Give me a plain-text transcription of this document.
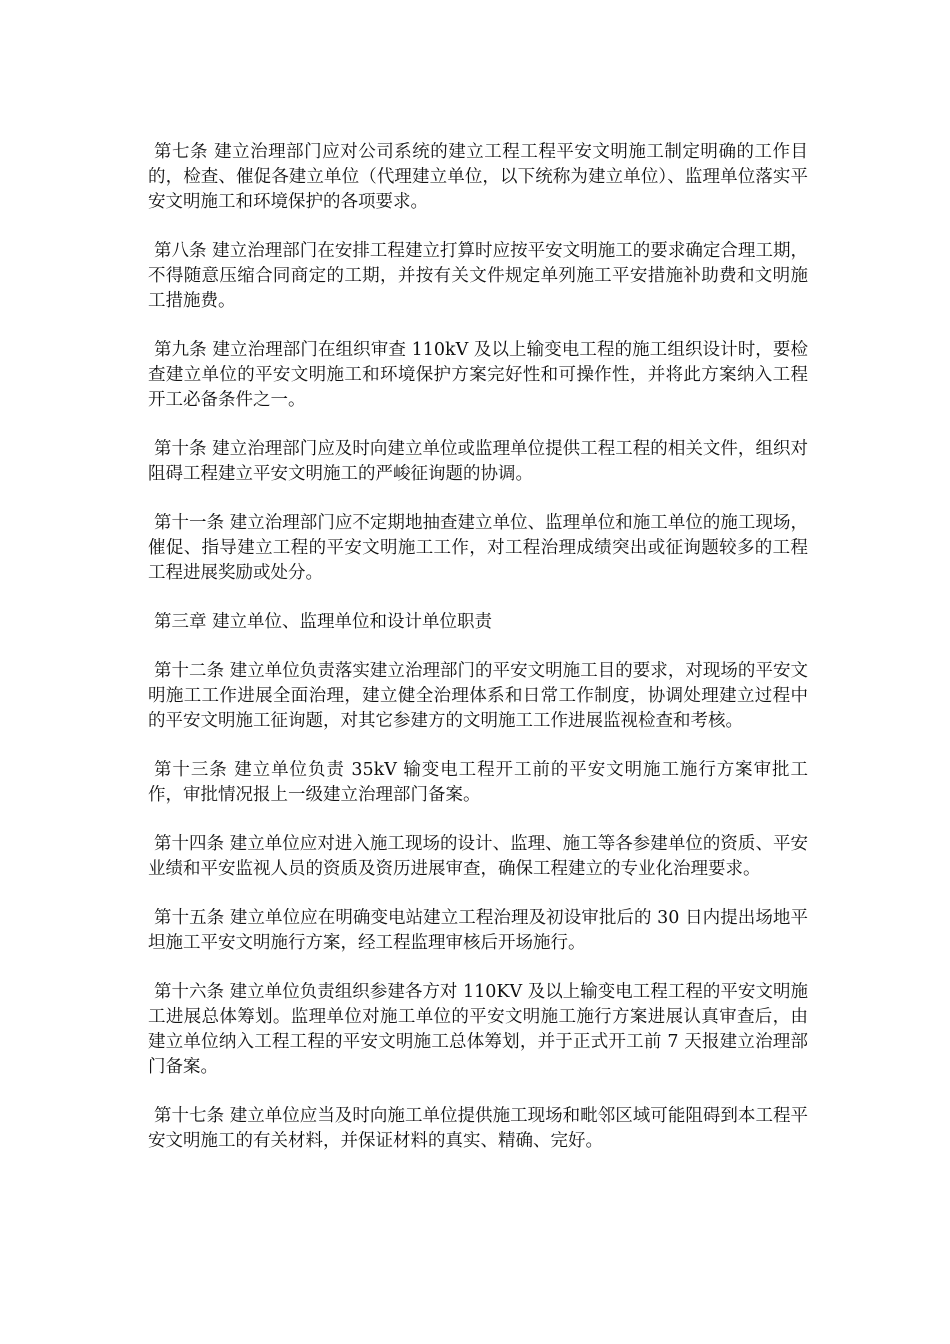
第七条 建立治理部门应对公司系统的建立工程工程平安文明施工制定明确的工作目的，检查、催促各建立单位（代理建立单位，以下统称为建立单位）、监理单位落实平安文明施工和环境保护的各项要求。

第八条 建立治理部门在安排工程建立打算时应按平安文明施工的要求确定合理工期，不得随意压缩合同商定的工期，并按有关文件规定单列施工平安措施补助费和文明施工措施费。

第九条 建立治理部门在组织审查 110kV 及以上输变电工程的施工组织设计时，要检查建立单位的平安文明施工和环境保护方案完好性和可操作性，并将此方案纳入工程开工必备条件之一。

第十条 建立治理部门应及时向建立单位或监理单位提供工程工程的相关文件，组织对阻碍工程建立平安文明施工的严峻征询题的协调。

第十一条 建立治理部门应不定期地抽查建立单位、监理单位和施工单位的施工现场，催促、指导建立工程的平安文明施工工作，对工程治理成绩突出或征询题较多的工程工程进展奖励或处分。

第三章 建立单位、监理单位和设计单位职责

第十二条 建立单位负责落实建立治理部门的平安文明施工目的要求，对现场的平安文明施工工作进展全面治理，建立健全治理体系和日常工作制度，协调处理建立过程中的平安文明施工征询题，对其它参建方的文明施工工作进展监视检查和考核。

第十三条 建立单位负责 35kV 输变电工程开工前的平安文明施工施行方案审批工作，审批情况报上一级建立治理部门备案。

第十四条 建立单位应对进入施工现场的设计、监理、施工等各参建单位的资质、平安业绩和平安监视人员的资质及资历进展审查，确保工程建立的专业化治理要求。

第十五条 建立单位应在明确变电站建立工程治理及初设审批后的 30 日内提出场地平坦施工平安文明施行方案，经工程监理审核后开场施行。

第十六条 建立单位负责组织参建各方对 110KV 及以上输变电工程工程的平安文明施工进展总体筹划。监理单位对施工单位的平安文明施工施行方案进展认真审查后，由建立单位纳入工程工程的平安文明施工总体筹划，并于正式开工前 7 天报建立治理部门备案。

第十七条 建立单位应当及时向施工单位提供施工现场和毗邻区域可能阻碍到本工程平安文明施工的有关材料，并保证材料的真实、精确、完好。
